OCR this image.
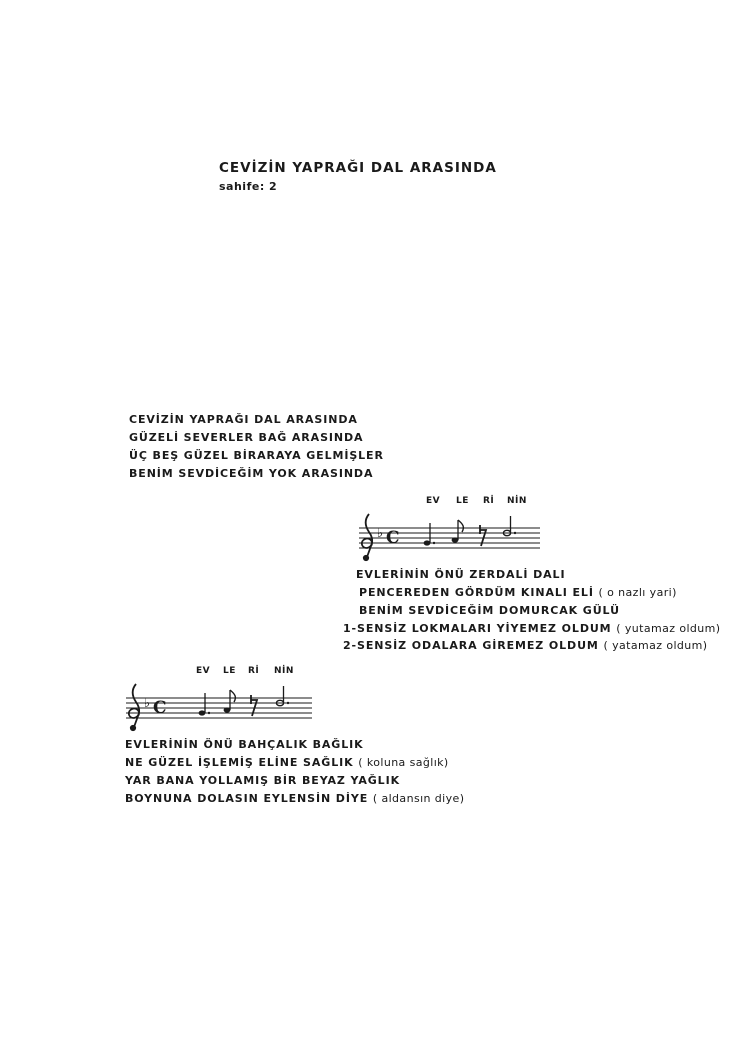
CEVİZİN YAPRAĞI DAL ARASINDA
sahife: 2
CEVİZİN YAPRAĞI DAL ARASINDA
GÜZELİ SEVERLER BAĞ ARASINDA
ÜÇ BEŞ GÜZEL BİRARAYA GELMİŞLER
BENİM SEVDİCEĞİM YOK ARASINDA
EV LE Rİ NİN
♭ C
EVLERİNİN ÖNÜ ZERDALİ DALI
PENCEREDEN GÖRDÜM KINALI ELİ ( o nazlı yari)
BENİM SEVDİCEĞİM DOMURCAK GÜLÜ
1-SENSİZ LOKMALARI YİYEMEZ OLDUM ( yutamaz oldum)
2-SENSİZ ODALARA GİREMEZ OLDUM ( yatamaz oldum)
EV LE Rİ NİN
♭ C
EVLERİNİN ÖNÜ BAHÇALIK BAĞLIK
NE GÜZEL İŞLEMİŞ ELİNE SAĞLIK ( koluna sağlık)
YAR BANA YOLLAMIŞ BİR BEYAZ YAĞLIK
BOYNUNA DOLASIN EYLENSİN DİYE ( aldansın diye)
